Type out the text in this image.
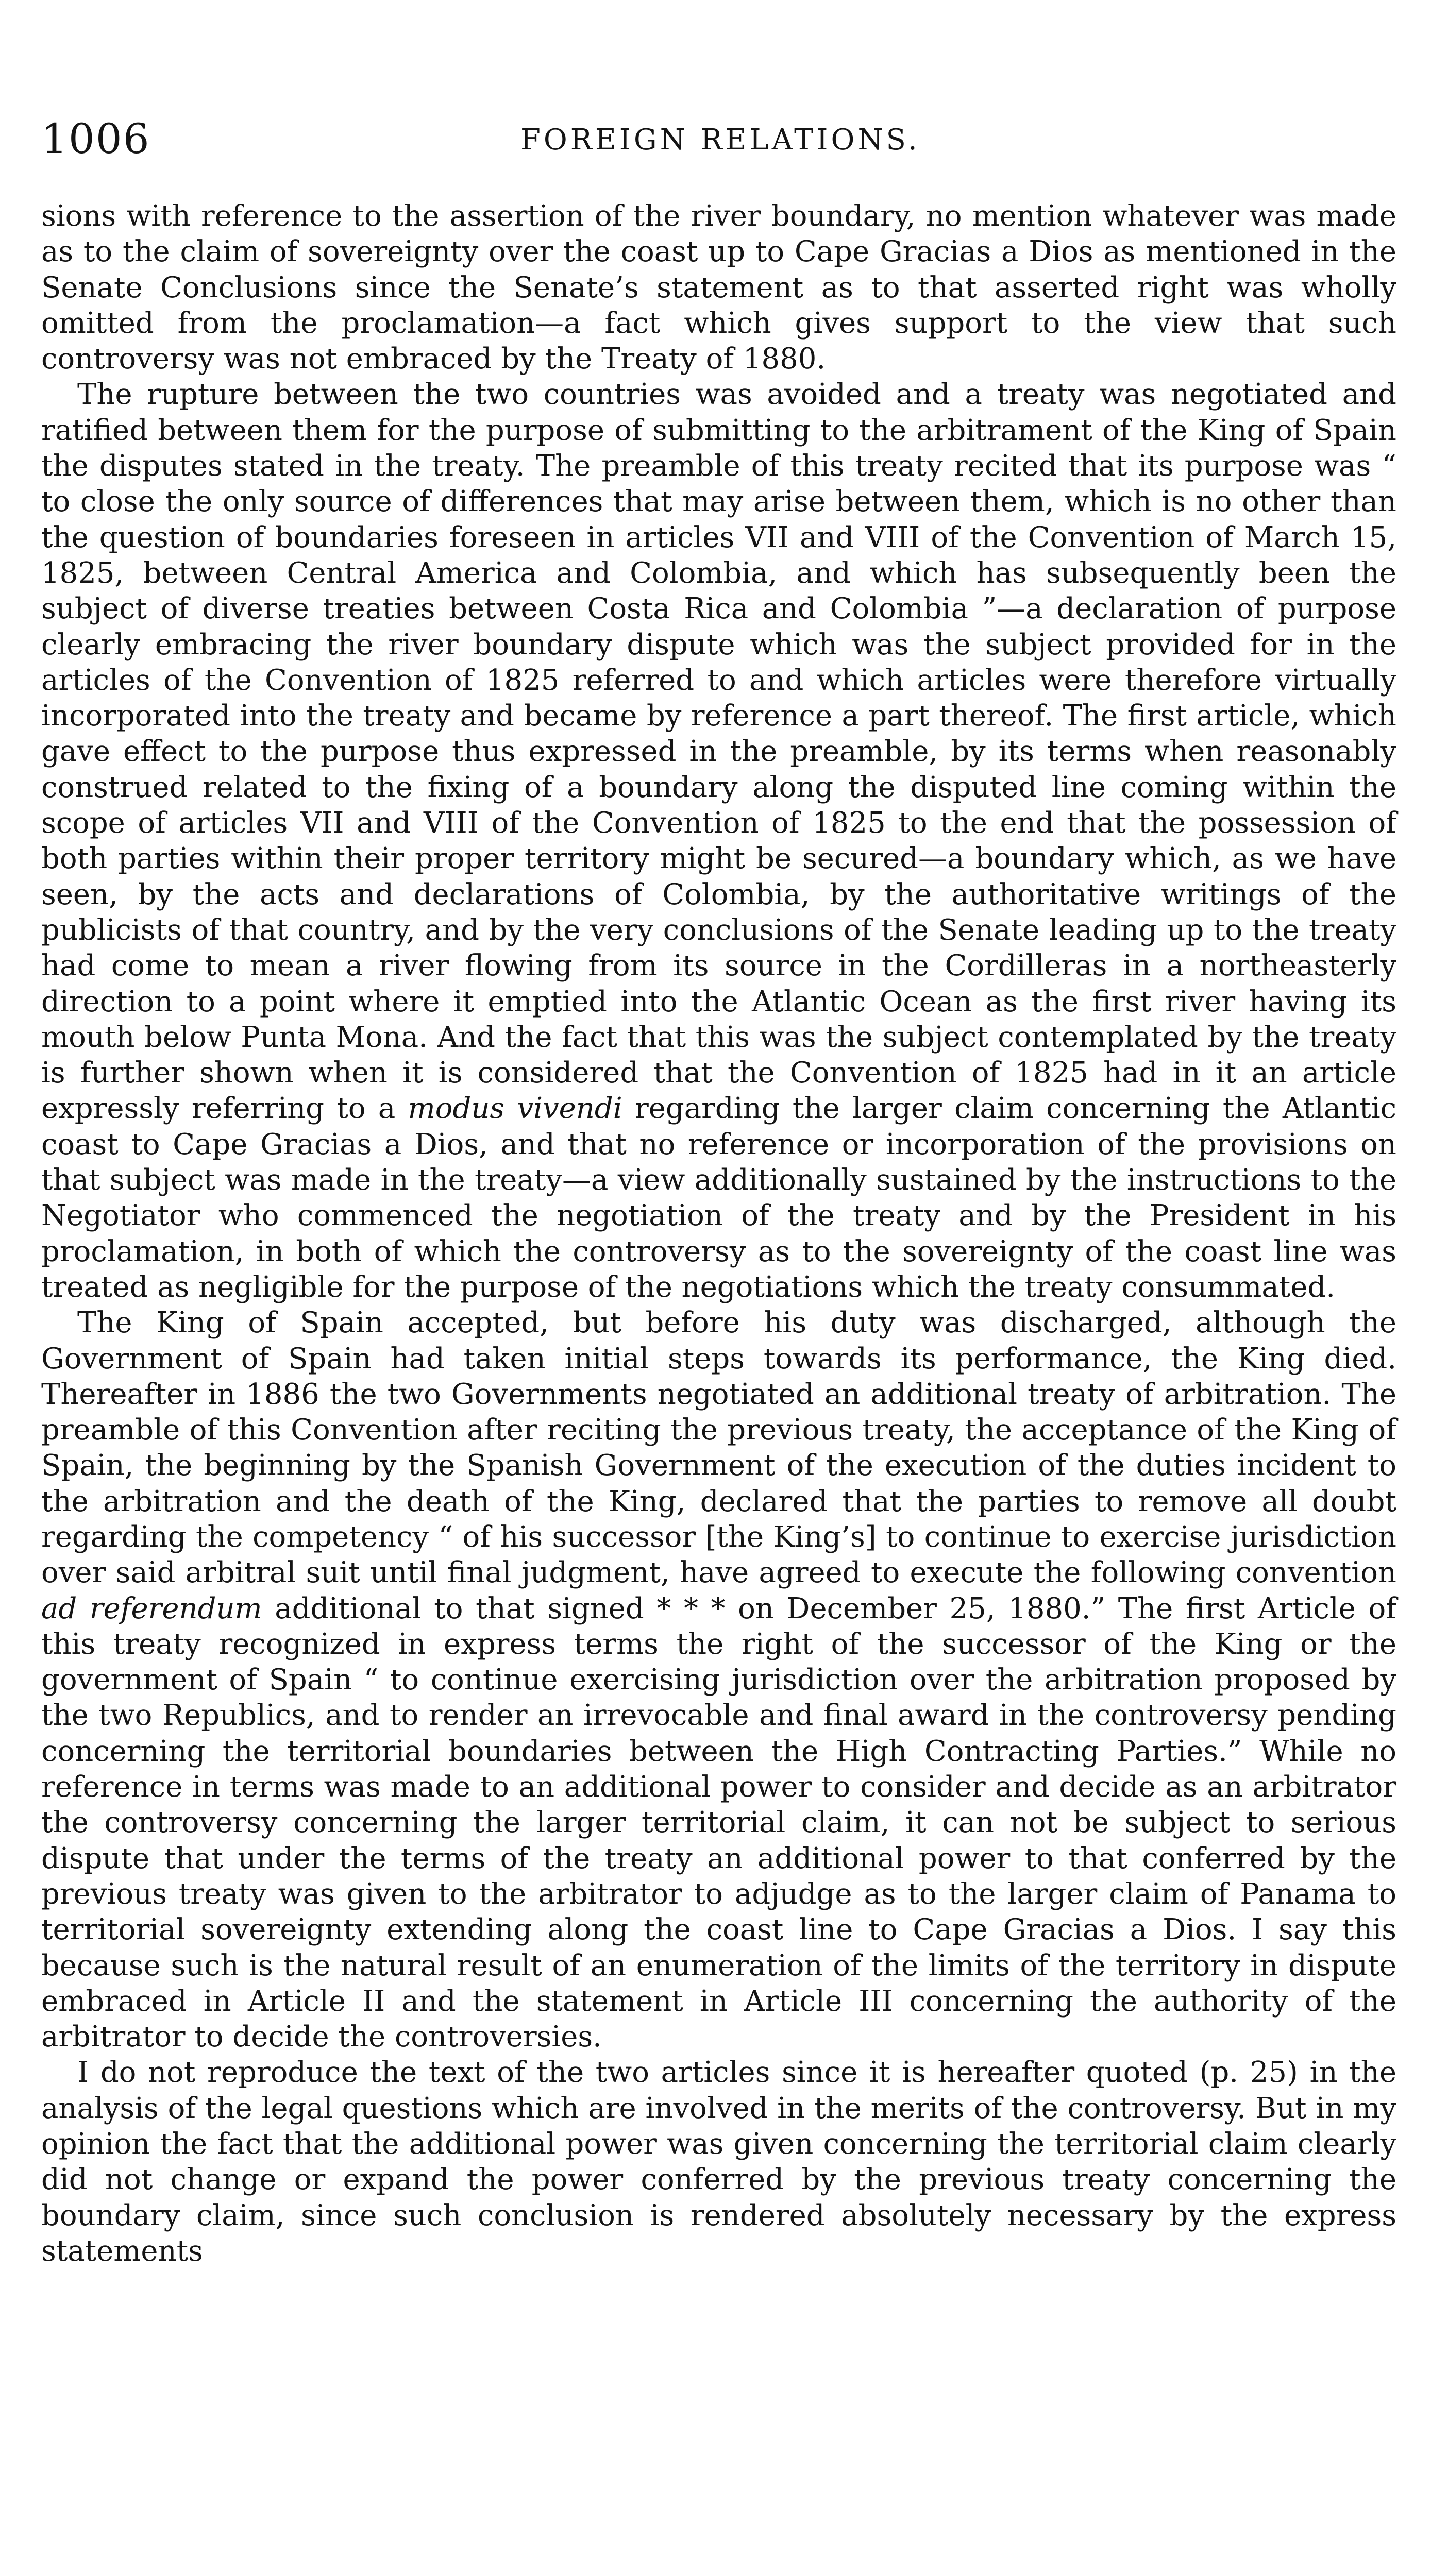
1006	FOREIGN RELATIONS.

sions with reference to the assertion of the river boundary, no mention whatever was made as to the claim of sovereignty over the coast up to Cape Gracias a Dios as mentioned in the Senate Conclusions since the Senate’s statement as to that asserted right was wholly omitted from the proclamation—a fact which gives support to the view that such controversy was not embraced by the Treaty of 1880.

The rupture between the two countries was avoided and a treaty was negotiated and ratified between them for the purpose of submitting to the arbitrament of the King of Spain the disputes stated in the treaty. The preamble of this treaty recited that its purpose was “ to close the only source of differences that may arise between them, which is no other than the question of boundaries foreseen in articles VII and VIII of the Convention of March 15, 1825, between Central America and Colombia, and which has subsequently been the subject of diverse treaties between Costa Rica and Colombia ”—a declaration of purpose clearly embracing the river boundary dispute which was the subject provided for in the articles of the Convention of 1825 referred to and which articles were therefore virtually incorporated into the treaty and became by reference a part thereof. The first article, which gave effect to the purpose thus expressed in the preamble, by its terms when reasonably construed related to the fixing of a boundary along the disputed line coming within the scope of articles VII and VIII of the Convention of 1825 to the end that the possession of both parties within their proper territory might be secured—a boundary which, as we have seen, by the acts and declarations of Colombia, by the authoritative writings of the publicists of that country, and by the very conclusions of the Senate leading up to the treaty had come to mean a river flowing from its source in the Cordilleras in a northeasterly direction to a point where it emptied into the Atlantic Ocean as the first river having its mouth below Punta Mona. And the fact that this was the subject contemplated by the treaty is further shown when it is considered that the Convention of 1825 had in it an article expressly referring to a modus vivendi regarding the larger claim concerning the Atlantic coast to Cape Gracias a Dios, and that no reference or incorporation of the provisions on that subject was made in the treaty—a view additionally sustained by the instructions to the Negotiator who commenced the negotiation of the treaty and by the President in his proclamation, in both of which the controversy as to the sovereignty of the coast line was treated as negligible for the purpose of the negotiations which the treaty consummated.

The King of Spain accepted, but before his duty was discharged, although the Government of Spain had taken initial steps towards its performance, the King died. Thereafter in 1886 the two Governments negotiated an additional treaty of arbitration. The preamble of this Convention after reciting the previous treaty, the acceptance of the King of Spain, the beginning by the Spanish Government of the execution of the duties incident to the arbitration and the death of the King, declared that the parties to remove all doubt regarding the competency “ of his successor [the King’s] to continue to exercise jurisdiction over said arbitral suit until final judgment, have agreed to execute the following convention ad referendum additional to that signed * * * on December 25, 1880.” The first Article of this treaty recognized in express terms the right of the successor of the King or the government of Spain “ to continue exercising jurisdiction over the arbitration proposed by the two Republics, and to render an irrevocable and final award in the controversy pending concerning the territorial boundaries between the High Contracting Parties.” While no reference in terms was made to an additional power to consider and decide as an arbitrator the controversy concerning the larger territorial claim, it can not be subject to serious dispute that under the terms of the treaty an additional power to that conferred by the previous treaty was given to the arbitrator to adjudge as to the larger claim of Panama to territorial sovereignty extending along the coast line to Cape Gracias a Dios. I say this because such is the natural result of an enumeration of the limits of the territory in dispute embraced in Article II and the statement in Article III concerning the authority of the arbitrator to decide the controversies.

I do not reproduce the text of the two articles since it is hereafter quoted (p. 25) in the analysis of the legal questions which are involved in the merits of the controversy. But in my opinion the fact that the additional power was given concerning the territorial claim clearly did not change or expand the power conferred by the previous treaty concerning the boundary claim, since such conclusion is rendered absolutely necessary by the express statements
